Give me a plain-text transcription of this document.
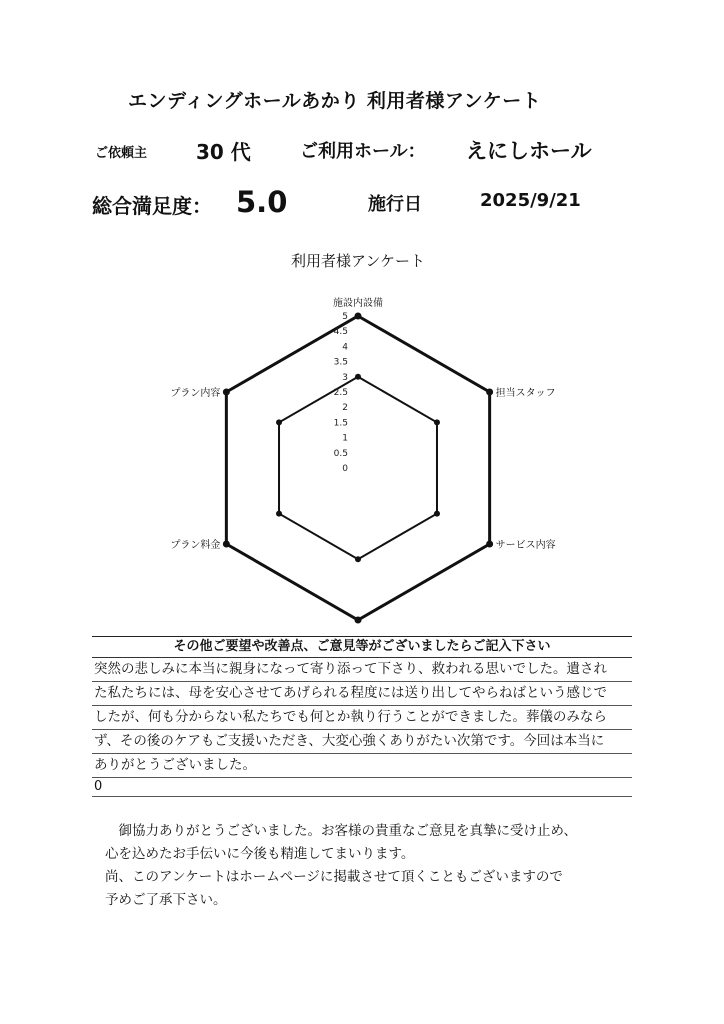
エンディングホールあかり 利用者様アンケート
ご依頼主 30 代	ご利用ホール： えにしホール
総合満足度： 5.0	施行日	2025/9/21
利用者様アンケート
0
0.5
1
1.5
2
2.5
3
3.5
4
4.5
5
施設内設備
担当スタッフ
サービス内容
プラン料金
プラン内容
その他ご要望や改善点、ご意見等がございましたらご記入下さい
突然の悲しみに本当に親身になって寄り添って下さり、救われる思いでした。遺され
た私たちには、母を安心させてあげられる程度には送り出してやらねばという感じで
したが、何も分からない私たちでも何とか執り行うことができました。葬儀のみなら
ず、その後のケアもご支援いただき、大変心強くありがたい次第です。今回は本当に
ありがとうございました。
0
　御協力ありがとうございました。お客様の貴重なご意見を真摯に受け止め、
心を込めたお手伝いに今後も精進してまいります。
尚、このアンケートはホームページに掲載させて頂くこともございますので
予めご了承下さい。
